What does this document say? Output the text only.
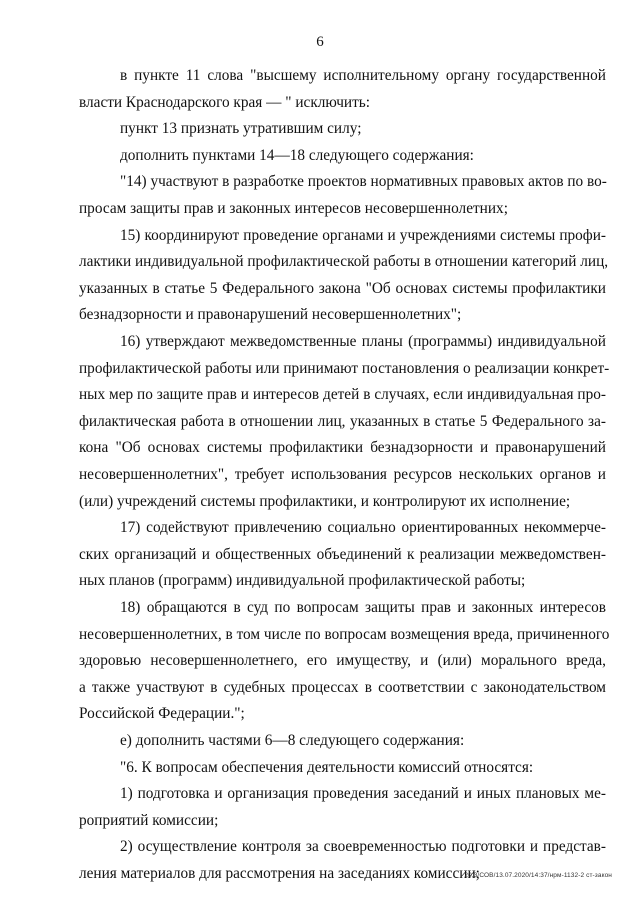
6
в пункте 11 слова "высшему исполнительному органу государственной
власти Краснодарского края — " исключить:
пункт 13 признать утратившим силу;
дополнить пунктами 14—18 следующего содержания:
"14) участвуют в разработке проектов нормативных правовых актов по во-
просам защиты прав и законных интересов несовершеннолетних;
15) координируют проведение органами и учреждениями системы профи-
лактики индивидуальной профилактической работы в отношении категорий лиц,
указанных в статье 5 Федерального закона "Об основах системы профилактики
безнадзорности и правонарушений несовершеннолетних";
16) утверждают межведомственные планы (программы) индивидуальной
профилактической работы или принимают постановления о реализации конкрет-
ных мер по защите прав и интересов детей в случаях, если индивидуальная про-
филактическая работа в отношении лиц, указанных в статье 5 Федерального за-
кона "Об основах системы профилактики безнадзорности и правонарушений
несовершеннолетних", требует использования ресурсов нескольких органов и
(или) учреждений системы профилактики, и контролируют их исполнение;
17) содействуют привлечению социально ориентированных некоммерче-
ских организаций и общественных объединений к реализации межведомствен-
ных планов (программ) индивидуальной профилактической работы;
18) обращаются в суд по вопросам защиты прав и законных интересов
несовершеннолетних, в том числе по вопросам возмещения вреда, причиненного
здоровью несовершеннолетнего, его имуществу, и (или) морального вреда,
а также участвуют в судебных процессах в соответствии с законодательством
Российской Федерации.";
е) дополнить частями 6—8 следующего содержания:
"6. К вопросам обеспечения деятельности комиссий относятся:
1) подготовка и организация проведения заседаний и иных плановых ме-
роприятий комиссии;
2) осуществление контроля за своевременностью подготовки и представ-
ления материалов для рассмотрения на заседаниях комиссии;
20.3/СОВ/13.07.2020/14:37/нрм-1132-2 ст-закон
